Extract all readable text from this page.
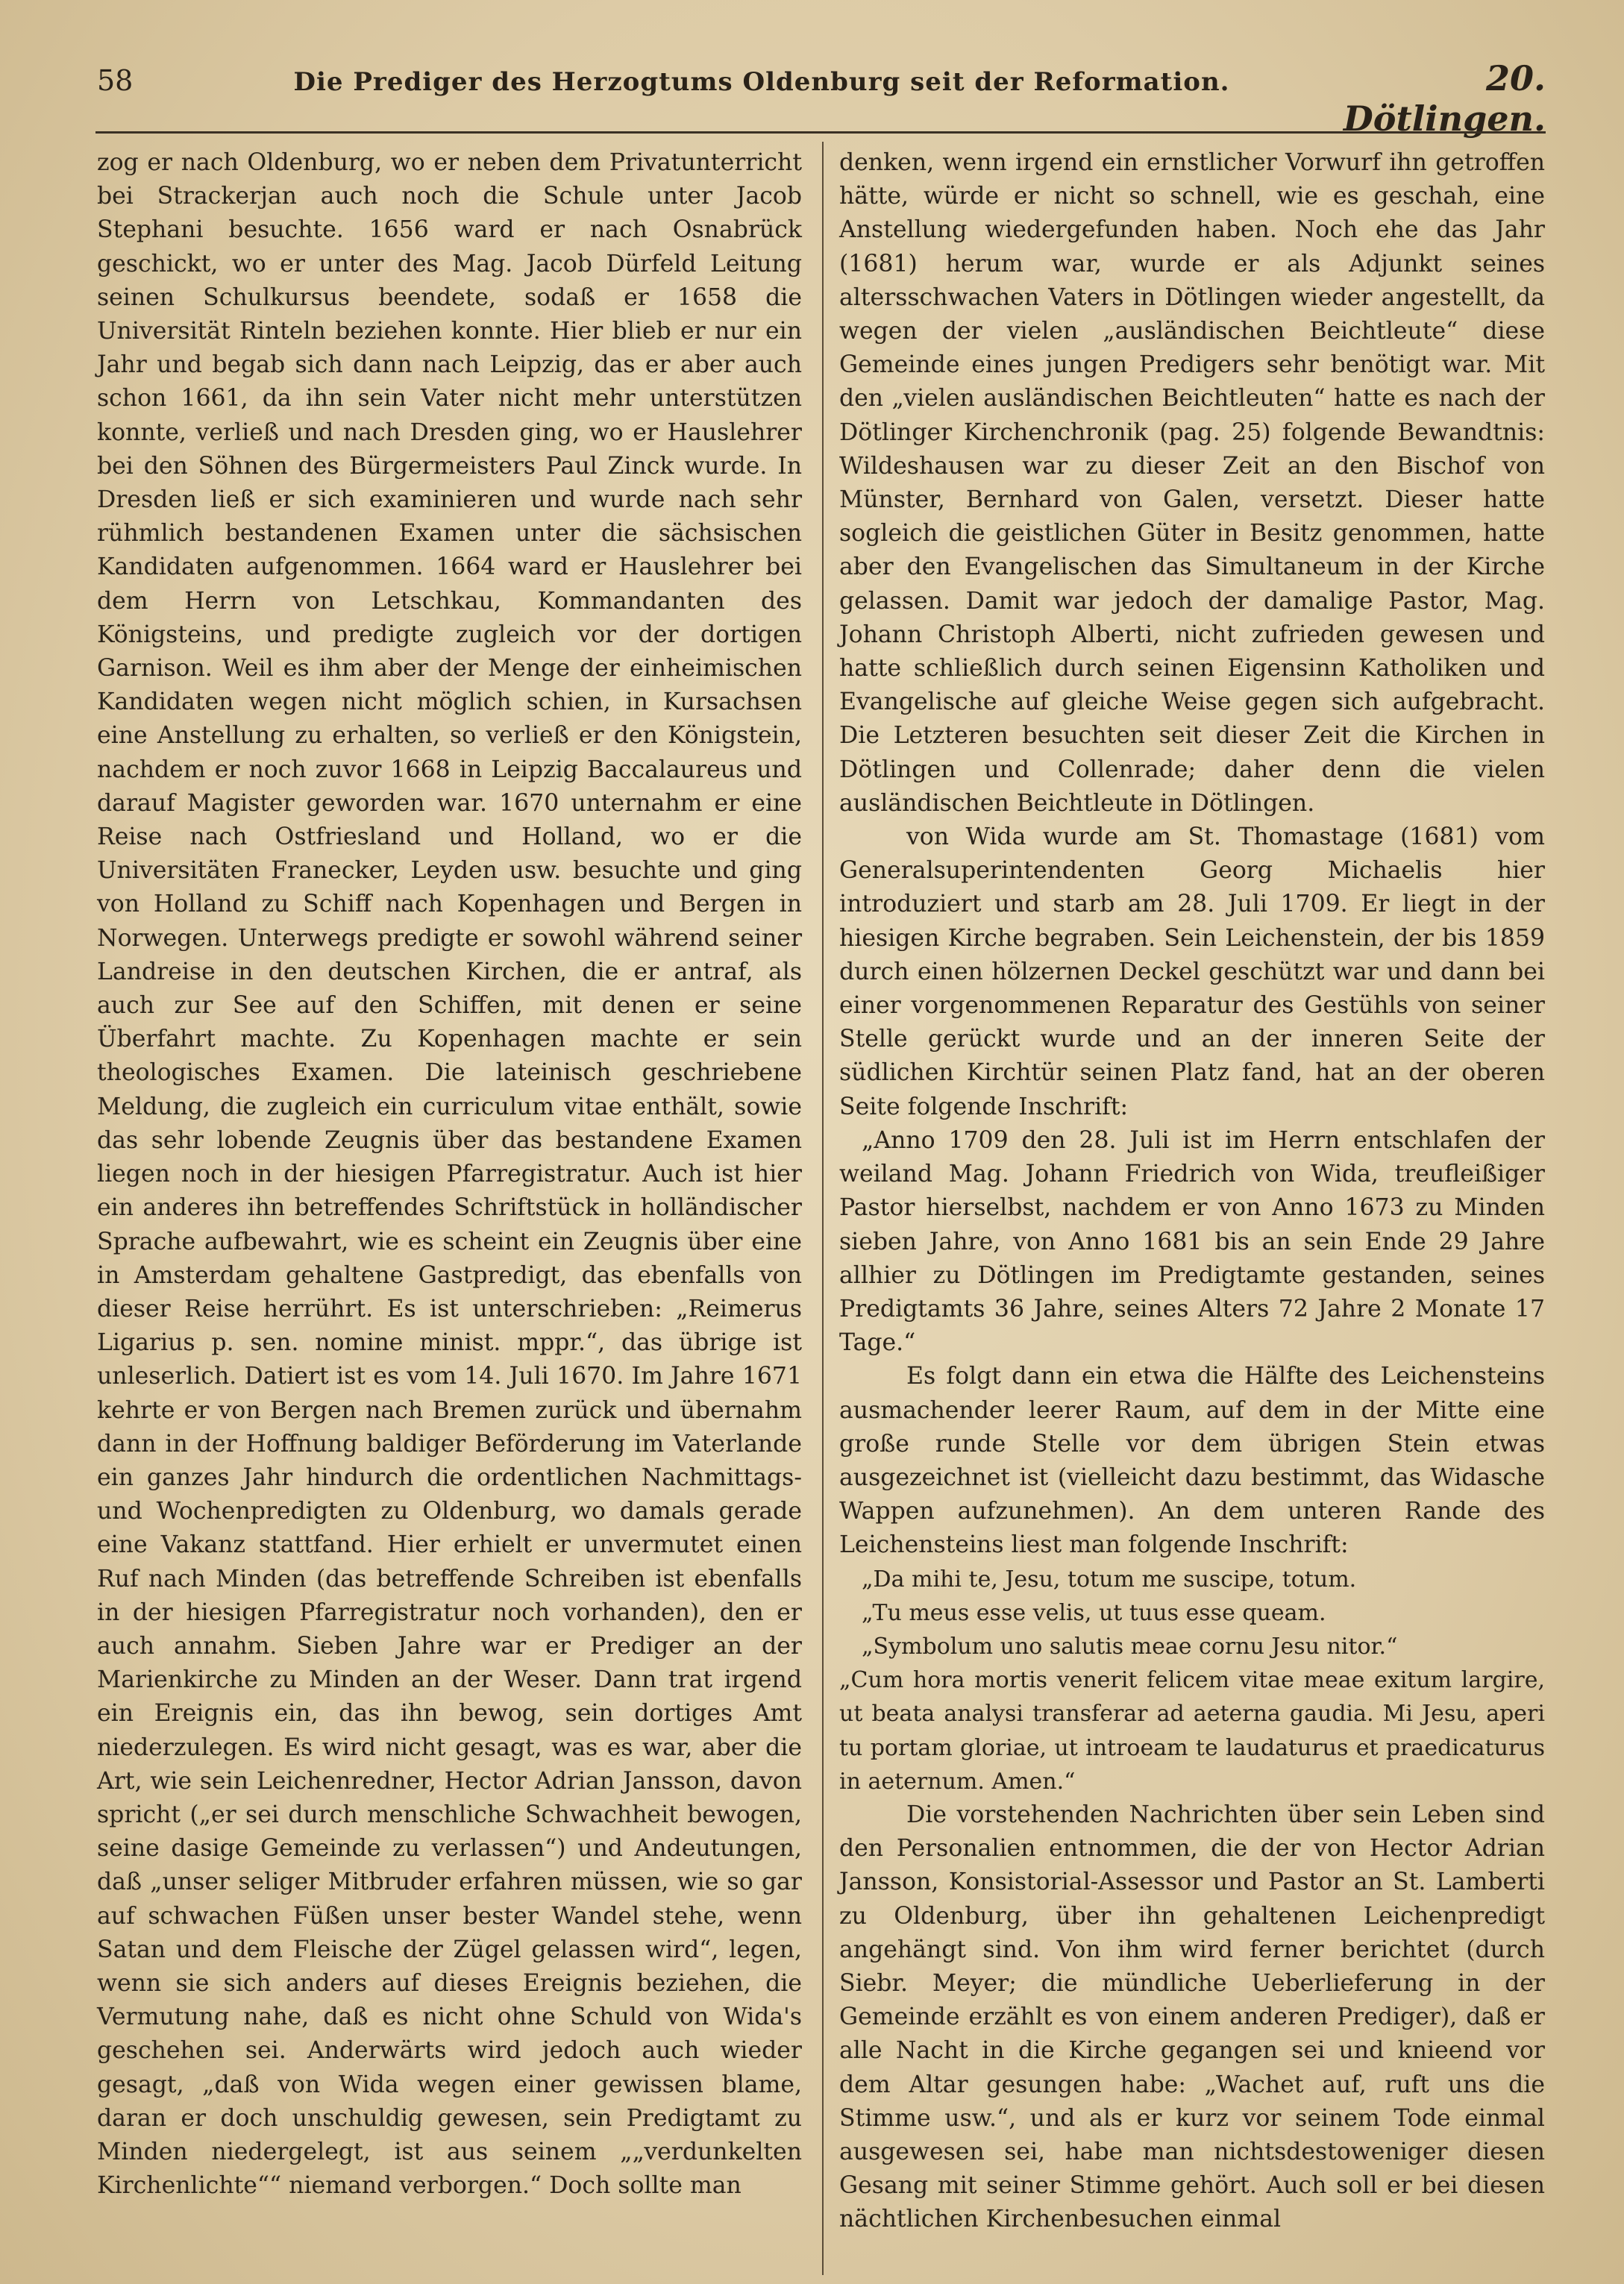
58	Die Prediger des Herzogtums Oldenburg seit der Reformation.	20. Dötlingen.

zog er nach Oldenburg, wo er neben dem Privatunterricht bei Strackerjan auch noch die Schule unter Jacob Stephani besuchte. 1656 ward er nach Osnabrück geschickt, wo er unter des Mag. Jacob Dürfeld Leitung seinen Schulkursus beendete, sodaß er 1658 die Universität Rinteln beziehen konnte. Hier blieb er nur ein Jahr und begab sich dann nach Leipzig, das er aber auch schon 1661, da ihn sein Vater nicht mehr unterstützen konnte, verließ und nach Dresden ging, wo er Hauslehrer bei den Söhnen des Bürgermeisters Paul Zinck wurde. In Dresden ließ er sich examinieren und wurde nach sehr rühmlich bestandenen Examen unter die sächsischen Kandidaten aufgenommen. 1664 ward er Hauslehrer bei dem Herrn von Letschkau, Kommandanten des Königsteins, und predigte zugleich vor der dortigen Garnison. Weil es ihm aber der Menge der einheimischen Kandidaten wegen nicht möglich schien, in Kursachsen eine Anstellung zu erhalten, so verließ er den Königstein, nachdem er noch zuvor 1668 in Leipzig Baccalaureus und darauf Magister geworden war. 1670 unternahm er eine Reise nach Ostfriesland und Holland, wo er die Universitäten Franecker, Leyden usw. besuchte und ging von Holland zu Schiff nach Kopenhagen und Bergen in Norwegen. Unterwegs predigte er sowohl während seiner Landreise in den deutschen Kirchen, die er antraf, als auch zur See auf den Schiffen, mit denen er seine Überfahrt machte. Zu Kopenhagen machte er sein theologisches Examen. Die lateinisch geschriebene Meldung, die zugleich ein curriculum vitae enthält, sowie das sehr lobende Zeugnis über das bestandene Examen liegen noch in der hiesigen Pfarregistratur. Auch ist hier ein anderes ihn betreffendes Schriftstück in holländischer Sprache aufbewahrt, wie es scheint ein Zeugnis über eine in Amsterdam gehaltene Gastpredigt, das ebenfalls von dieser Reise herrührt. Es ist unterschrieben: „Reimerus Ligarius p. sen. nomine minist. mppr.“, das übrige ist unleserlich. Datiert ist es vom 14. Juli 1670. Im Jahre 1671 kehrte er von Bergen nach Bremen zurück und übernahm dann in der Hoffnung baldiger Beförderung im Vaterlande ein ganzes Jahr hindurch die ordentlichen Nachmittags- und Wochenpredigten zu Oldenburg, wo damals gerade eine Vakanz stattfand. Hier erhielt er unvermutet einen Ruf nach Minden (das betreffende Schreiben ist ebenfalls in der hiesigen Pfarregistratur noch vorhanden), den er auch annahm. Sieben Jahre war er Prediger an der Marienkirche zu Minden an der Weser. Dann trat irgend ein Ereignis ein, das ihn bewog, sein dortiges Amt niederzulegen. Es wird nicht gesagt, was es war, aber die Art, wie sein Leichenredner, Hector Adrian Jansson, davon spricht („er sei durch menschliche Schwachheit bewogen, seine dasige Gemeinde zu verlassen“) und Andeutungen, daß „unser seliger Mitbruder erfahren müssen, wie so gar auf schwachen Füßen unser bester Wandel stehe, wenn Satan und dem Fleische der Zügel gelassen wird“, legen, wenn sie sich anders auf dieses Ereignis beziehen, die Vermutung nahe, daß es nicht ohne Schuld von Wida's geschehen sei. Anderwärts wird jedoch auch wieder gesagt, „daß von Wida wegen einer gewissen blame, daran er doch unschuldig gewesen, sein Predigtamt zu Minden niedergelegt, ist aus seinem „„verdunkelten Kirchenlichte““ niemand verborgen.“ Doch sollte man

denken, wenn irgend ein ernstlicher Vorwurf ihn getroffen hätte, würde er nicht so schnell, wie es geschah, eine Anstellung wiedergefunden haben. Noch ehe das Jahr (1681) herum war, wurde er als Adjunkt seines altersschwachen Vaters in Dötlingen wieder angestellt, da wegen der vielen „ausländischen Beichtleute“ diese Gemeinde eines jungen Predigers sehr benötigt war. Mit den „vielen ausländischen Beichtleuten“ hatte es nach der Dötlinger Kirchenchronik (pag. 25) folgende Bewandtnis: Wildeshausen war zu dieser Zeit an den Bischof von Münster, Bernhard von Galen, versetzt. Dieser hatte sogleich die geistlichen Güter in Besitz genommen, hatte aber den Evangelischen das Simultaneum in der Kirche gelassen. Damit war jedoch der damalige Pastor, Mag. Johann Christoph Alberti, nicht zufrieden gewesen und hatte schließlich durch seinen Eigensinn Katholiken und Evangelische auf gleiche Weise gegen sich aufgebracht. Die Letzteren besuchten seit dieser Zeit die Kirchen in Dötlingen und Collenrade; daher denn die vielen ausländischen Beichtleute in Dötlingen.

von Wida wurde am St. Thomastage (1681) vom Generalsuperintendenten Georg Michaelis hier introduziert und starb am 28. Juli 1709. Er liegt in der hiesigen Kirche begraben. Sein Leichenstein, der bis 1859 durch einen hölzernen Deckel geschützt war und dann bei einer vorgenommenen Reparatur des Gestühls von seiner Stelle gerückt wurde und an der inneren Seite der südlichen Kirchtür seinen Platz fand, hat an der oberen Seite folgende Inschrift:

„Anno 1709 den 28. Juli ist im Herrn entschlafen der weiland Mag. Johann Friedrich von Wida, treufleißiger Pastor hierselbst, nachdem er von Anno 1673 zu Minden sieben Jahre, von Anno 1681 bis an sein Ende 29 Jahre allhier zu Dötlingen im Predigtamte gestanden, seines Predigtamts 36 Jahre, seines Alters 72 Jahre 2 Monate 17 Tage.“

Es folgt dann ein etwa die Hälfte des Leichensteins ausmachender leerer Raum, auf dem in der Mitte eine große runde Stelle vor dem übrigen Stein etwas ausgezeichnet ist (vielleicht dazu bestimmt, das Widasche Wappen aufzunehmen). An dem unteren Rande des Leichensteins liest man folgende Inschrift:

„Da mihi te, Jesu, totum me suscipe, totum.

„Tu meus esse velis, ut tuus esse queam.

„Symbolum uno salutis meae cornu Jesu nitor.“

„Cum hora mortis venerit felicem vitae meae exitum largire, ut beata analysi transferar ad aeterna gaudia. Mi Jesu, aperi tu portam gloriae, ut introeam te laudaturus et praedicaturus in aeternum. Amen.“

Die vorstehenden Nachrichten über sein Leben sind den Personalien entnommen, die der von Hector Adrian Jansson, Konsistorial-Assessor und Pastor an St. Lamberti zu Oldenburg, über ihn gehaltenen Leichenpredigt angehängt sind. Von ihm wird ferner berichtet (durch Siebr. Meyer; die mündliche Ueberlieferung in der Gemeinde erzählt es von einem anderen Prediger), daß er alle Nacht in die Kirche gegangen sei und knieend vor dem Altar gesungen habe: „Wachet auf, ruft uns die Stimme usw.“, und als er kurz vor seinem Tode einmal ausgewesen sei, habe man nichtsdestoweniger diesen Gesang mit seiner Stimme gehört. Auch soll er bei diesen nächtlichen Kirchenbesuchen einmal
